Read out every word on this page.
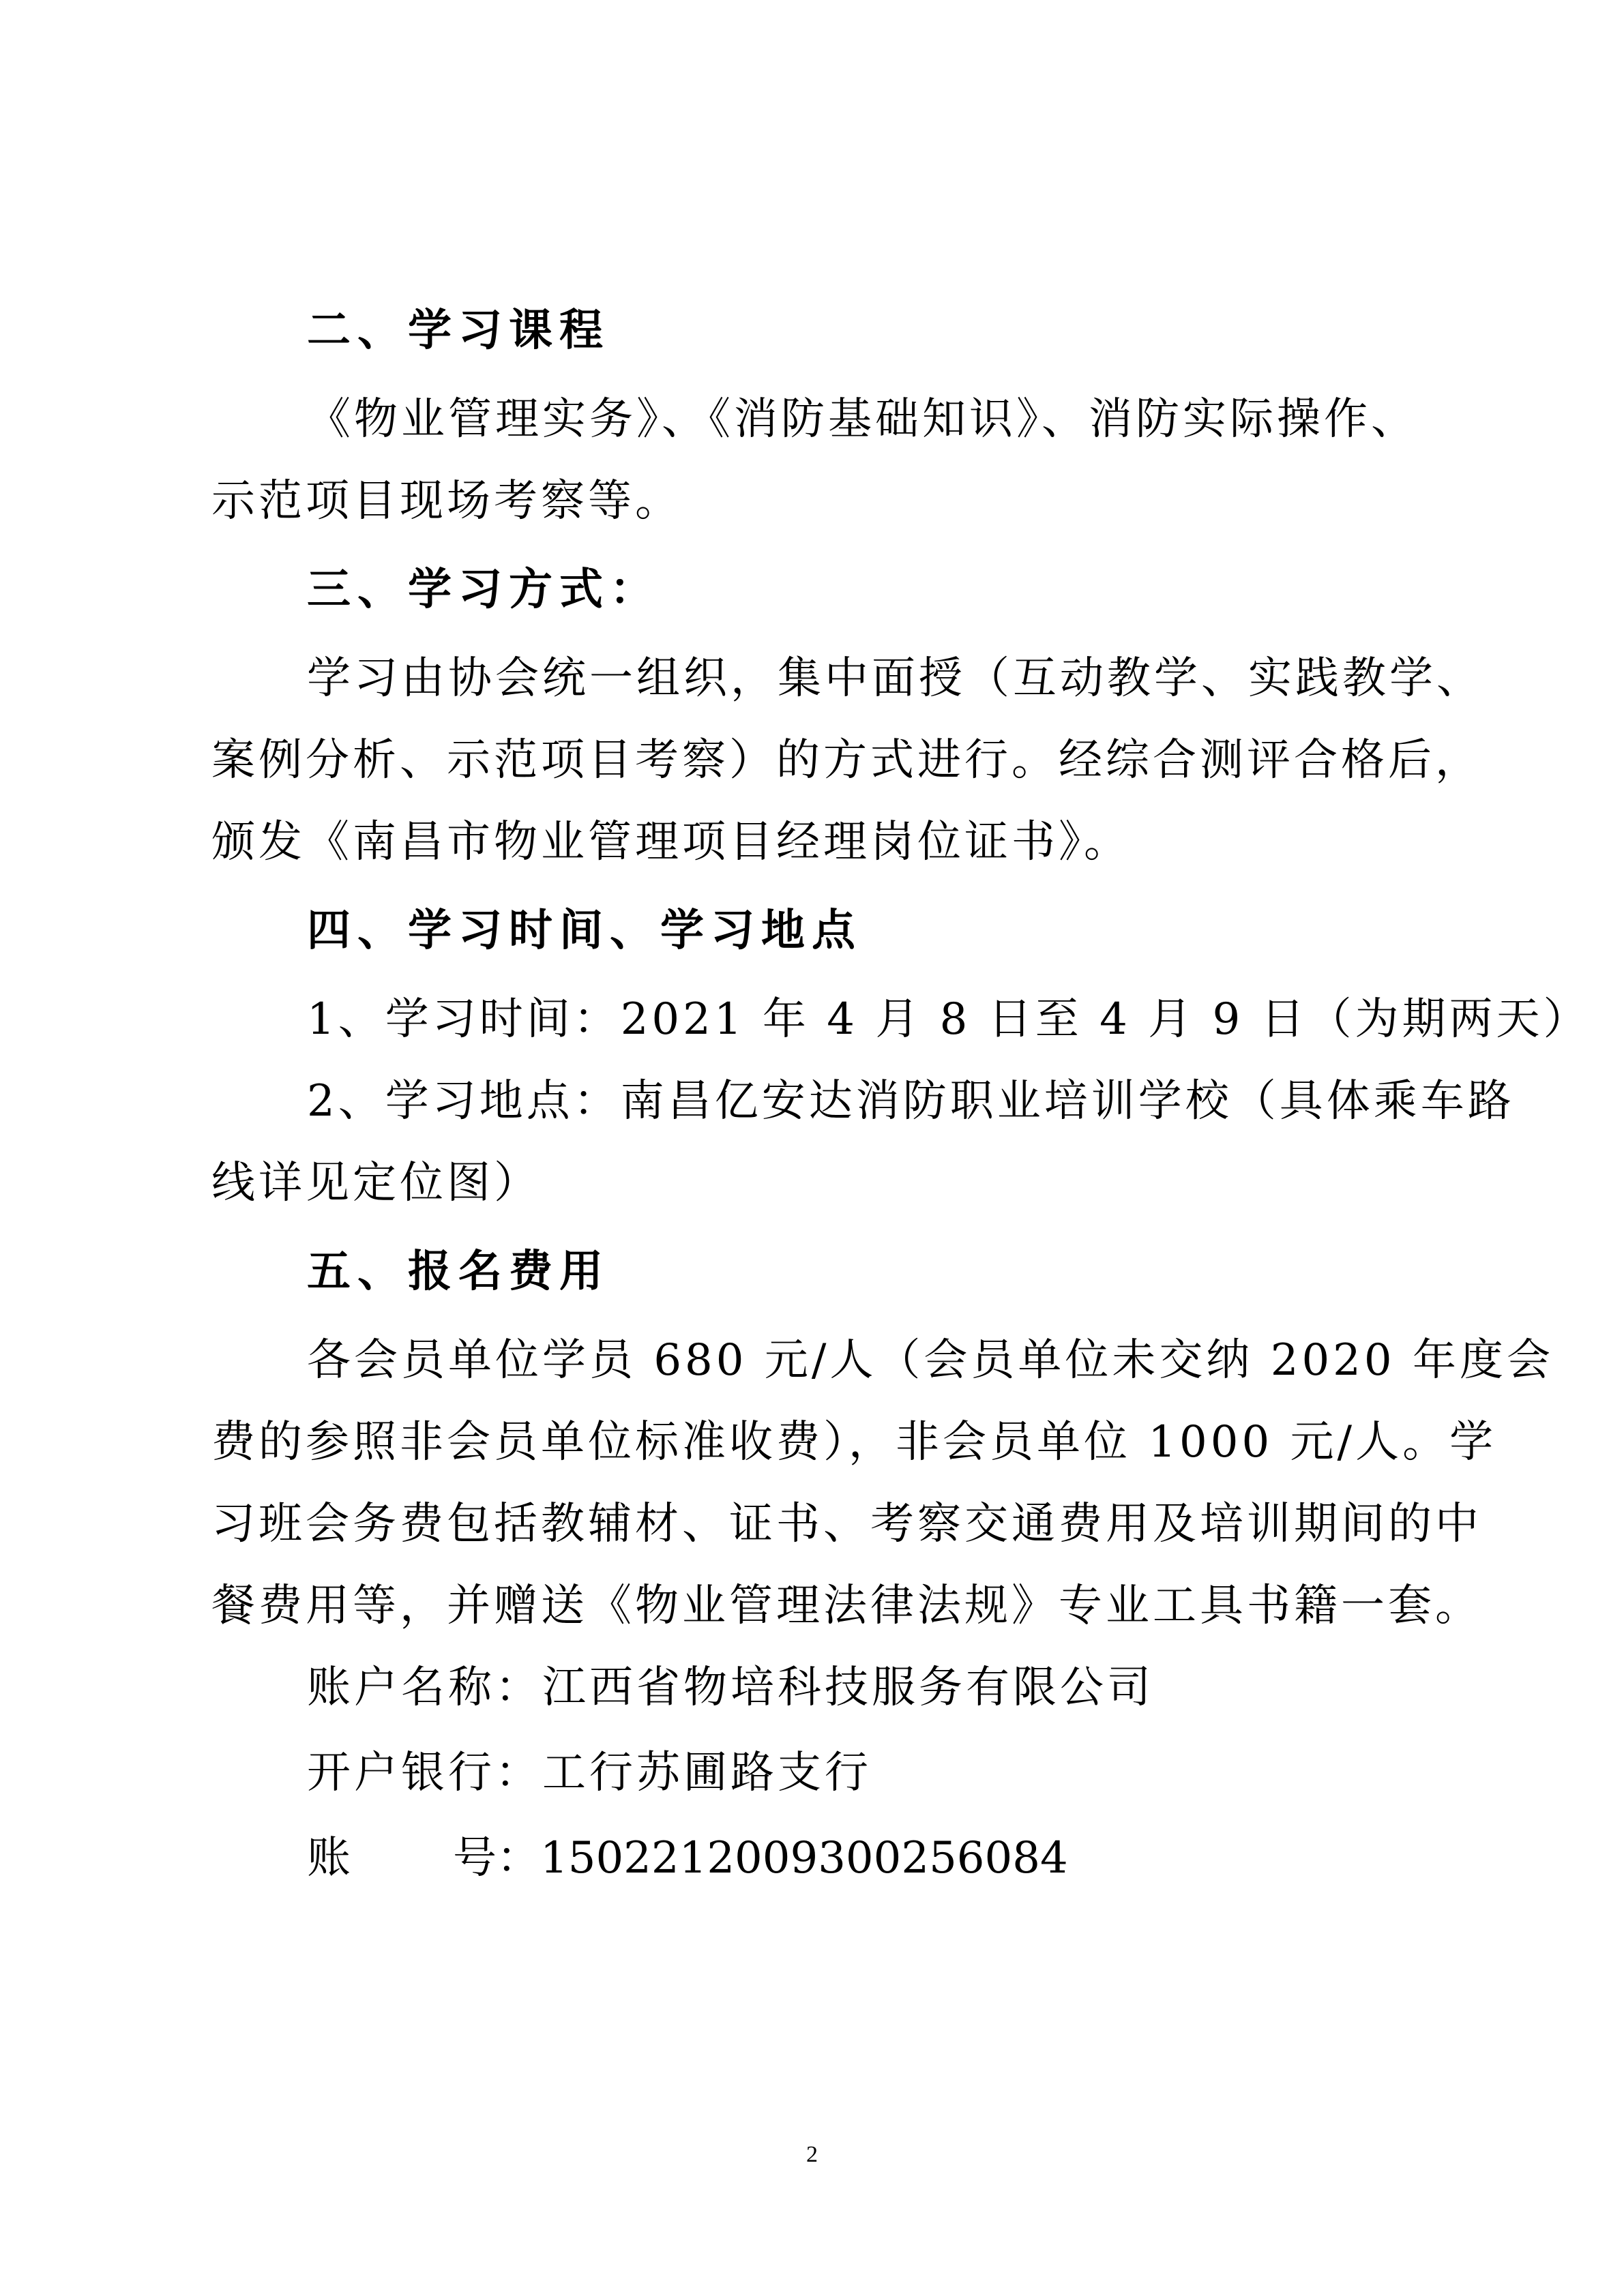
二、学习课程

《物业管理实务》、《消防基础知识》、消防实际操作、

示范项目现场考察等。

三、学习方式：

学习由协会统一组织，集中面授（互动教学、实践教学、

案例分析、示范项目考察）的方式进行。经综合测评合格后，

颁发《南昌市物业管理项目经理岗位证书》。

四、学习时间、学习地点

1、学习时间：2021 年 4 月 8 日至 4 月 9 日（为期两天）

2、学习地点：南昌亿安达消防职业培训学校（具体乘车路

线详见定位图）

五、报名费用

各会员单位学员 680 元/人（会员单位未交纳 2020 年度会

费的参照非会员单位标准收费），非会员单位 1000 元/人。学

习班会务费包括教辅材、证书、考察交通费用及培训期间的中

餐费用等，并赠送《物业管理法律法规》专业工具书籍一套。

账户名称：江西省物培科技服务有限公司

开户银行：工行苏圃路支行

账 号：1502212009300256084

2
